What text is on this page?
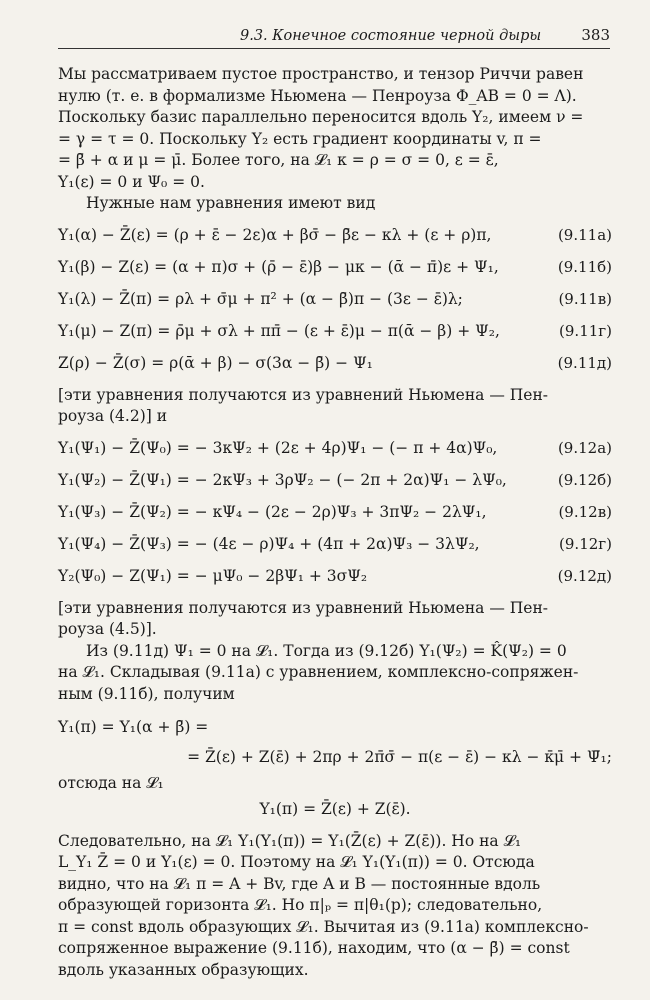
9.3. Конечное состояние черной дыры	383

Мы рассматриваем пустое пространство, и тензор Риччи равен

нулю (т. е. в формализме Ньюмена — Пенроуза Φ_AB = 0 = Λ).

Поскольку базис параллельно переносится вдоль Y₂, имеем ν =

= γ = τ = 0. Поскольку Y₂ есть градиент координаты v, π =

= β̄ + α и μ = μ̄. Более того, на 𝓛₁ κ = ρ = σ = 0, ε = ε̄,

Y₁(ε) = 0 и Ψ₀ = 0.

Нужные нам уравнения имеют вид

Y₁(α) − Z̄(ε) = (ρ + ε̄ − 2ε)α + βσ̄ − β̄ε − κλ + (ε + ρ)π,	(9.11а)
Y₁(β) − Z(ε) = (α + π)σ + (ρ̄ − ε̄)β − μκ − (ᾱ − π̄)ε + Ψ₁,	(9.11б)
Y₁(λ) − Z̄(π) = ρλ + σ̄μ + π² + (α − β̄)π − (3ε − ε̄)λ;	(9.11в)
Y₁(μ) − Z(π) = ρ̄μ + σλ + ππ̄ − (ε + ε̄)μ − π(ᾱ − β) + Ψ₂,	(9.11г)
Z(ρ) − Z̄(σ) = ρ(ᾱ + β) − σ(3α − β̄) − Ψ₁	(9.11д)

[эти уравнения получаются из уравнений Ньюмена — Пен-

роуза (4.2)] и

Y₁(Ψ₁) − Z̄(Ψ₀) = − 3κΨ₂ + (2ε + 4ρ)Ψ₁ − (− π + 4α)Ψ₀,	(9.12а)
Y₁(Ψ₂) − Z̄(Ψ₁) = − 2κΨ₃ + 3ρΨ₂ − (− 2π + 2α)Ψ₁ − λΨ₀,	(9.12б)
Y₁(Ψ₃) − Z̄(Ψ₂) = − κΨ₄ − (2ε − 2ρ)Ψ₃ + 3πΨ₂ − 2λΨ₁,	(9.12в)
Y₁(Ψ₄) − Z̄(Ψ₃) = − (4ε − ρ)Ψ₄ + (4π + 2α)Ψ₃ − 3λΨ₂,	(9.12г)
Y₂(Ψ₀) − Z(Ψ₁) = − μΨ₀ − 2βΨ₁ + 3σΨ₂	(9.12д)

[эти уравнения получаются из уравнений Ньюмена — Пен-

роуза (4.5)].

Из (9.11д) Ψ₁ = 0 на 𝓛₁. Тогда из (9.12б) Y₁(Ψ₂) = K̂(Ψ₂) = 0

на 𝓛₁. Складывая (9.11а) с уравнением, комплексно-сопряжен-

ным (9.11б), получим

Y₁(π) = Y₁(α + β̄) =
= Z̄(ε) + Z(ε̄) + 2πρ + 2π̄σ̄ − π(ε − ε̄) − κλ − κ̄μ̄ + Ψ̄₁;

отсюда на 𝓛₁

Y₁(π) = Z̄(ε) + Z(ε̄).

Следовательно, на 𝓛₁ Y₁(Y₁(π)) = Y₁(Z̄(ε) + Z(ε̄)). Но на 𝓛₁

L_Y₁ Z̄ = 0 и Y₁(ε) = 0. Поэтому на 𝓛₁ Y₁(Y₁(π)) = 0. Отсюда

видно, что на 𝓛₁ π = A + Bv, где A и B — постоянные вдоль

образующей горизонта 𝓛₁. Но π|ₚ = π|θ₁(p); следовательно,

π = const вдоль образующих 𝓛₁. Вычитая из (9.11а) комплексно-

сопряженное выражение (9.11б), находим, что (α − β̄) = const

вдоль указанных образующих.
